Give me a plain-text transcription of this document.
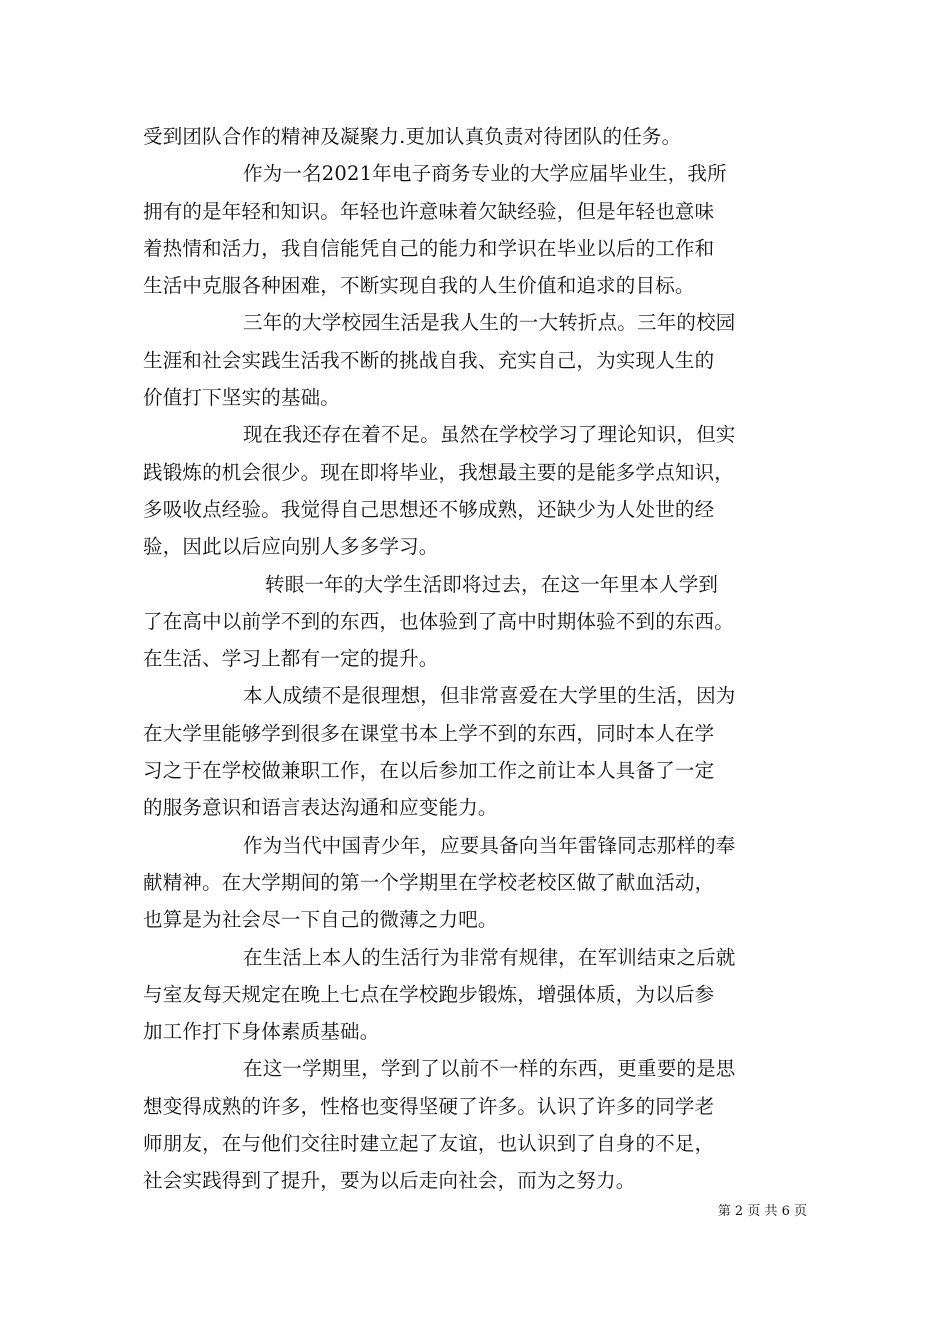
受到团队合作的精神及凝聚力.更加认真负责对待团队的任务。
作为一名2021年电子商务专业的大学应届毕业生，我所
拥有的是年轻和知识。年轻也许意味着欠缺经验，但是年轻也意味
着热情和活力，我自信能凭自己的能力和学识在毕业以后的工作和
生活中克服各种困难，不断实现自我的人生价值和追求的目标。
三年的大学校园生活是我人生的一大转折点。三年的校园
生涯和社会实践生活我不断的挑战自我、充实自己，为实现人生的
价值打下坚实的基础。
现在我还存在着不足。虽然在学校学习了理论知识，但实
践锻炼的机会很少。现在即将毕业，我想最主要的是能多学点知识，
多吸收点经验。我觉得自己思想还不够成熟，还缺少为人处世的经
验，因此以后应向别人多多学习。
转眼一年的大学生活即将过去，在这一年里本人学到
了在高中以前学不到的东西，也体验到了高中时期体验不到的东西。
在生活、学习上都有一定的提升。
本人成绩不是很理想，但非常喜爱在大学里的生活，因为
在大学里能够学到很多在课堂书本上学不到的东西，同时本人在学
习之于在学校做兼职工作，在以后参加工作之前让本人具备了一定
的服务意识和语言表达沟通和应变能力。
作为当代中国青少年，应要具备向当年雷锋同志那样的奉
献精神。在大学期间的第一个学期里在学校老校区做了献血活动，
也算是为社会尽一下自己的微薄之力吧。
在生活上本人的生活行为非常有规律，在军训结束之后就
与室友每天规定在晚上七点在学校跑步锻炼，增强体质，为以后参
加工作打下身体素质基础。
在这一学期里，学到了以前不一样的东西，更重要的是思
想变得成熟的许多，性格也变得坚硬了许多。认识了许多的同学老
师朋友，在与他们交往时建立起了友谊，也认识到了自身的不足，
社会实践得到了提升，要为以后走向社会，而为之努力。
第 2 页 共 6 页
